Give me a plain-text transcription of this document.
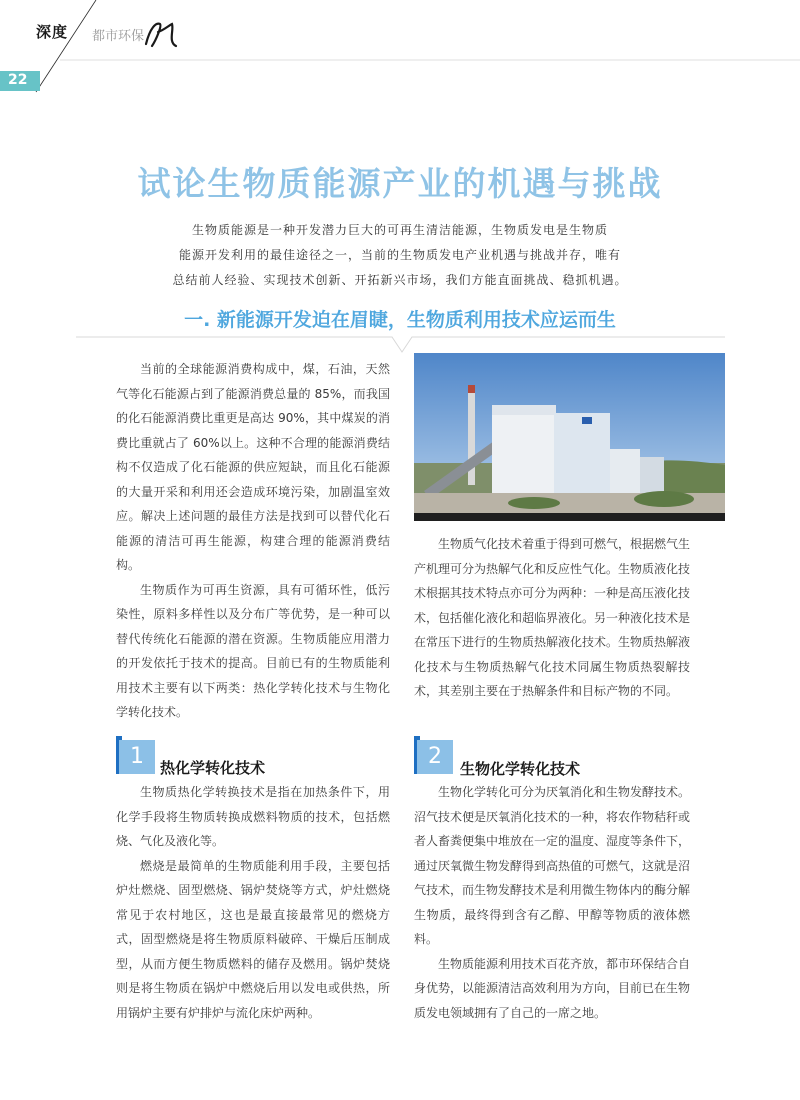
深度 都市环保
22
试论生物质能源产业的机遇与挑战
生物质能源是一种开发潜力巨大的可再生清洁能源，生物质发电是生物质
能源开发利用的最佳途径之一，当前的生物质发电产业机遇与挑战并存，唯有
总结前人经验、实现技术创新、开拓新兴市场，我们方能直面挑战、稳抓机遇。
一. 新能源开发迫在眉睫，生物质利用技术应运而生

当前的全球能源消费构成中，煤，石油，天然气等化石能源占到了能源消费总量的 85%，而我国的化石能源消费比重更是高达 90%，其中煤炭的消费比重就占了 60%以上。这种不合理的能源消费结构不仅造成了化石能源的供应短缺，而且化石能源的大量开采和利用还会造成环境污染，加剧温室效应。解决上述问题的最佳方法是找到可以替代化石能源的清洁可再生能源，构建合理的能源消费结构。

生物质作为可再生资源，具有可循环性，低污染性，原料多样性以及分布广等优势，是一种可以替代传统化石能源的潜在资源。生物质能应用潜力的开发依托于技术的提高。目前已有的生物质能利用技术主要有以下两类：热化学转化技术与生物化学转化技术。

生物质气化技术着重于得到可燃气，根据燃气生产机理可分为热解气化和反应性气化。生物质液化技术根据其技术特点亦可分为两种：一种是高压液化技术，包括催化液化和超临界液化。另一种液化技术是在常压下进行的生物质热解液化技术。生物质热解液化技术与生物质热解气化技术同属生物质热裂解技术，其差别主要在于热解条件和目标产物的不同。

1	热化学转化技术	2	生物化学转化技术

生物质热化学转换技术是指在加热条件下，用化学手段将生物质转换成燃料物质的技术，包括燃烧、气化及液化等。

燃烧是最简单的生物质能利用手段，主要包括炉灶燃烧、固型燃烧、锅炉焚烧等方式，炉灶燃烧常见于农村地区，这也是最直接最常见的燃烧方式，固型燃烧是将生物质原料破碎、干燥后压制成型，从而方便生物质燃料的储存及燃用。锅炉焚烧则是将生物质在锅炉中燃烧后用以发电或供热，所用锅炉主要有炉排炉与流化床炉两种。

生物化学转化可分为厌氧消化和生物发酵技术。沼气技术便是厌氧消化技术的一种，将农作物秸秆或者人畜粪便集中堆放在一定的温度、湿度等条件下，通过厌氧微生物发酵得到高热值的可燃气，这就是沼气技术，而生物发酵技术是利用微生物体内的酶分解生物质，最终得到含有乙醇、甲醇等物质的液体燃料。

生物质能源利用技术百花齐放，都市环保结合自身优势，以能源清洁高效利用为方向，目前已在生物质发电领域拥有了自己的一席之地。
